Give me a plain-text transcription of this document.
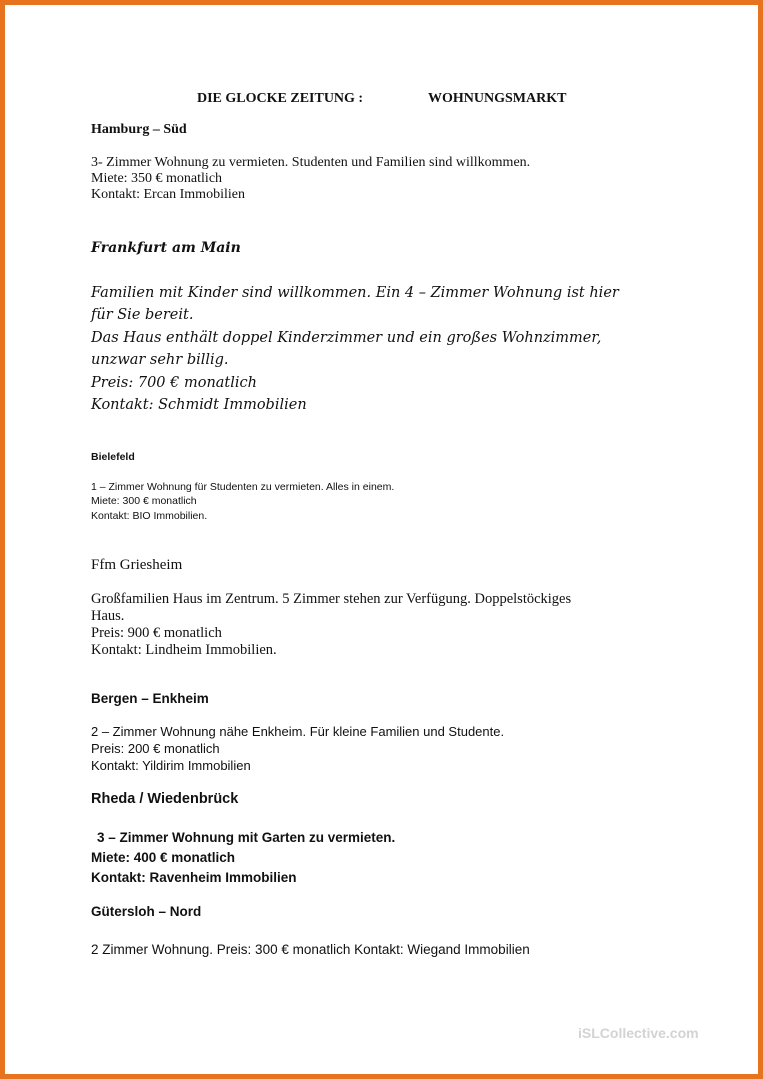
DIE GLOCKE ZEITUNG :	WOHNUNGSMARKT

Hamburg – Süd

3- Zimmer Wohnung zu vermieten. Studenten und Familien sind willkommen.

Miete: 350 € monatlich

Kontakt: Ercan Immobilien

Frankfurt am Main

Familien mit Kinder sind willkommen. Ein 4 – Zimmer Wohnung ist hier

für Sie bereit.

Das Haus enthält doppel Kinderzimmer und ein großes Wohnzimmer,

unzwar sehr billig.

Preis: 700 € monatlich

Kontakt: Schmidt Immobilien

Bielefeld

1 – Zimmer Wohnung für Studenten zu vermieten. Alles in einem.

Miete: 300 € monatlich

Kontakt: BIO Immobilien.

Ffm Griesheim

Großfamilien Haus im Zentrum. 5 Zimmer stehen zur Verfügung. Doppelstöckiges

Haus.

Preis: 900 € monatlich

Kontakt: Lindheim Immobilien.

Bergen – Enkheim

2 – Zimmer Wohnung nähe Enkheim. Für kleine Familien und Studente.

Preis: 200 € monatlich

Kontakt: Yildirim Immobilien

Rheda / Wiedenbrück

3 – Zimmer Wohnung mit Garten zu vermieten.

Miete: 400 € monatlich

Kontakt: Ravenheim Immobilien

Gütersloh – Nord

2 Zimmer Wohnung. Preis: 300 € monatlich Kontakt: Wiegand Immobilien

iSLCollective.com
